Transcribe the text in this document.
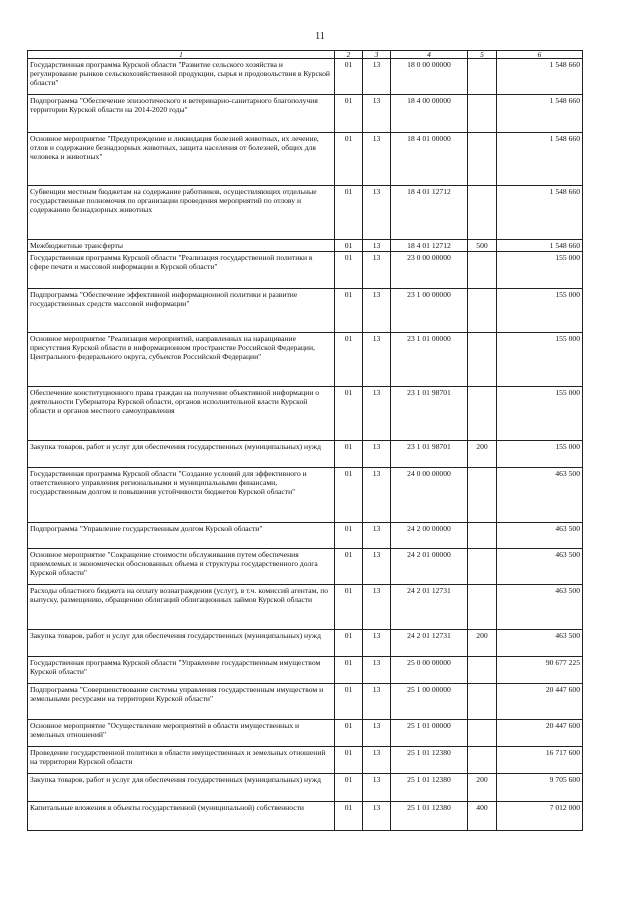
11
1	2	3	4	5	6
Государственная программа Курской области "Развитие сельского хозяйства и регулирование рынков сельскохозяйственной продукции, сырья и продовольствия в Курской области"	01	13	18 0 00 00000		1 548 660
Подпрограмма "Обеспечение эпизоотического и ветеринарно-санитарного благополучия территории Курской области на 2014-2020 годы"	01	13	18 4 00 00000		1 548 660
Основное мероприятие "Предупреждение и ликвидация болезней животных, их лечение, отлов и содержание безнадзорных животных, защита населения от болезней, общих для человека и животных"	01	13	18 4 01 00000		1 548 660
Субвенции местным бюджетам на содержание работников, осуществляющих отдельные государственные полномочия по организации проведения мероприятий по отлову и содержанию безнадзорных животных	01	13	18 4 01 12712		1 548 660
Межбюджетные трансферты	01	13	18 4 01 12712	500	1 548 660
Государственная программа Курской области "Реализация государственной политики в сфере печати и массовой информации в Курской области"	01	13	23 0 00 00000		155 000
Подпрограмма "Обеспечение эффективной информационной политики и развитие государственных средств массовой информации"	01	13	23 1 00 00000		155 000
Основное мероприятие "Реализация мероприятий, направленных на наращивание присутствия Курской области в информационном пространстве Российской Федерации, Центрального федерального округа, субъектов Российской Федерации"	01	13	23 1 01 00000		155 000
Обеспечение конституционного права граждан на получение объективной информации о деятельности Губернатора Курской области, органов исполнительной власти Курской области и органов местного самоуправления	01	13	23 1 01 98701		155 000
Закупка товаров, работ и услуг для обеспечения государственных (муниципальных) нужд	01	13	23 1 01 98701	200	155 000
Государственная программа Курской области "Создание условий для эффективного и ответственного управления региональными и муниципальными финансами, государственным долгом и повышения устойчивости бюджетов Курской области"	01	13	24 0 00 00000		463 500
Подпрограмма "Управление государственным долгом Курской области"	01	13	24 2 00 00000		463 500
Основное мероприятие "Сокращение стоимости обслуживания путем обеспечения приемлемых и экономически обоснованных объема и структуры государственного долга Курской области"	01	13	24 2 01 00000		463 500
Расходы областного бюджета на оплату вознаграждения (услуг), в т.ч. комиссий агентам, по выпуску, размещению, обращению облигаций облигационных займов Курской области	01	13	24 2 01 12731		463 500
Закупка товаров, работ и услуг для обеспечения государственных (муниципальных) нужд	01	13	24 2 01 12731	200	463 500
Государственная программа Курской области "Управление государственным имуществом Курской области"	01	13	25 0 00 00000		90 677 225
Подпрограмма "Совершенствование системы управления государственным имуществом и земельными ресурсами на территории Курской области"	01	13	25 1 00 00000		20 447 600
Основное мероприятие "Осуществление мероприятий в области имущественных и земельных отношений"	01	13	25 1 01 00000		20 447 600
Проведение государственной политики в области имущественных и земельных отношений на территории Курской области	01	13	25 1 01 12380		16 717 600
Закупка товаров, работ и услуг для обеспечения государственных (муниципальных) нужд	01	13	25 1 01 12380	200	9 705 600
Капитальные вложения в объекты государственной (муниципальной) собственности	01	13	25 1 01 12380	400	7 012 000
